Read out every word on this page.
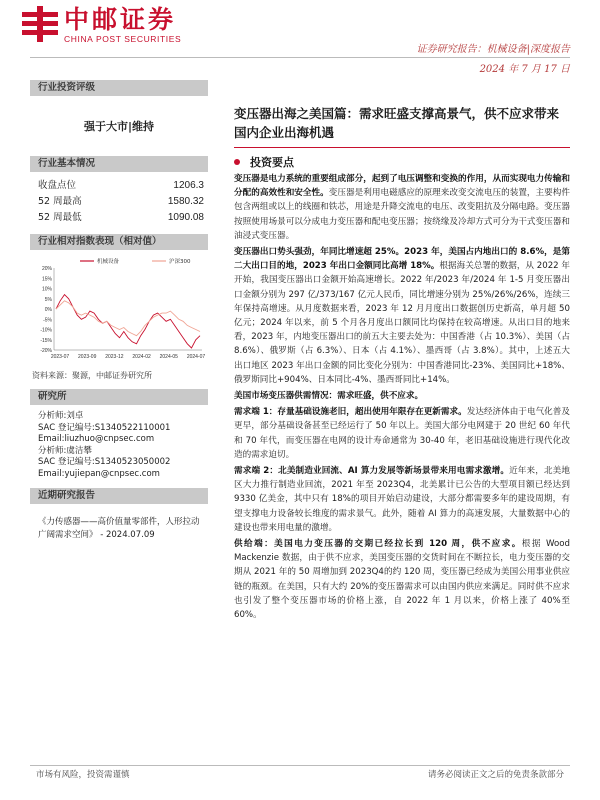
中邮证券
CHINA POST SECURITIES
证券研究报告：机械设备|深度报告
2024 年 7 月 17 日
行业投资评级
强于大市|维持
行业基本情况
收盘点位	1206.3
52 周最高	1580.32
52 周最低	1090.08
行业相对指数表现（相对值）
-20%
-15%
-10%
-5%
0%
5%
10%
15%
20%
2023-07 2023-09 2023-12 2024-02 2024-05 2024-07
机械设备	沪深300
资料来源：聚源，中邮证券研究所
研究所
分析师:刘卓
SAC 登记编号:S1340522110001
Email:liuzhuo@cnpsec.com
分析师:虞洁攀
SAC 登记编号:S1340523050002
Email:yujiepan@cnpsec.com
近期研究报告
《力传感器——高价值量零部件，人形拉动广阔需求空间》 - 2024.07.09
变压器出海之美国篇：需求旺盛支撑高景气，供不应求带来国内企业出海机遇
投资要点

变压器是电力系统的重要组成部分，起到了电压调整和变换的作用，从而实现电力传输和分配的高效性和安全性。变压器是利用电磁感应的原理来改变交流电压的装置，主要构件包含两组或以上的线圈和铁芯，用途是升降交流电的电压、改变阻抗及分隔电路。变压器按照使用场景可以分成电力变压器和配电变压器；按绕缘及冷却方式可分为干式变压器和油浸式变压器。

变压器出口势头强劲，年同比增速超 25%。2023 年，美国占内地出口的 8.6%，是第二大出口目的地，2023 年出口金额同比高增 18%。根据海关总署的数据，从 2022 年开始，我国变压器出口金额开始高速增长。2022 年/2023 年/2024 年 1-5 月变压器出口金额分别为 297 亿/373/167 亿元人民币，同比增速分别为 25%/26%/26%，连续三年保持高增速。从月度数据来看，2023 年 12 月月度出口数据创历史新高，单月超 50 亿元；2024 年以来，前 5 个月各月度出口额同比均保持在较高增速。从出口目的地来看，2023 年，内地变压器出口的前五大主要去处为：中国香港（占 10.3%）、美国（占 8.6%）、俄罗斯（占 6.3%）、日本（占 4.1%）、墨西哥（占 3.8%）。其中，上述五大出口地区 2023 年出口金额的同比变化分别为：中国香港同比-23%、美国同比+18%、俄罗斯同比+904%、日本同比-4%、墨西哥同比+14%。

美国市场变压器供需情况：需求旺盛，供不应求。

需求端 1：存量基础设施老旧，超出使用年限存在更新需求。发达经济体由于电气化普及更早，部分基础设备甚至已经运行了 50 年以上。美国大部分电网建于 20 世纪 60 年代和 70 年代，而变压器在电网的设计寿命通常为 30-40 年，老旧基础设施进行现代化改造的需求迫切。

需求端 2：北美制造业回流、AI 算力发展等新场景带来用电需求激增。近年来，北美地区大力推行制造业回流，2021 年至 2023Q4，北美累计已公告的大型项目额已经达到 9330 亿美金，其中只有 18%的项目开始启动建设，大部分都需要多年的建设周期，有望支撑电力设备较长维度的需求景气。此外，随着 AI 算力的高速发展，大量数据中心的建设也带来用电量的激增。

供给端：美国电力变压器的交期已经拉长到 120 周，供不应求。根据 Wood Mackenzie 数据，由于供不应求，美国变压器的交货时间在不断拉长，电力变压器的交期从 2021 年的 50 周增加到 2023Q4的约 120 周，变压器已经成为美国公用事业供应链的瓶颈。在美国，只有大约 20%的变压器需求可以由国内供应来满足。同时供不应求也引发了整个变压器市场的价格上涨，自 2022 年 1 月以来，价格上涨了 40%至 60%。

市场有风险，投资需谨慎	请务必阅读正文之后的免责条款部分
